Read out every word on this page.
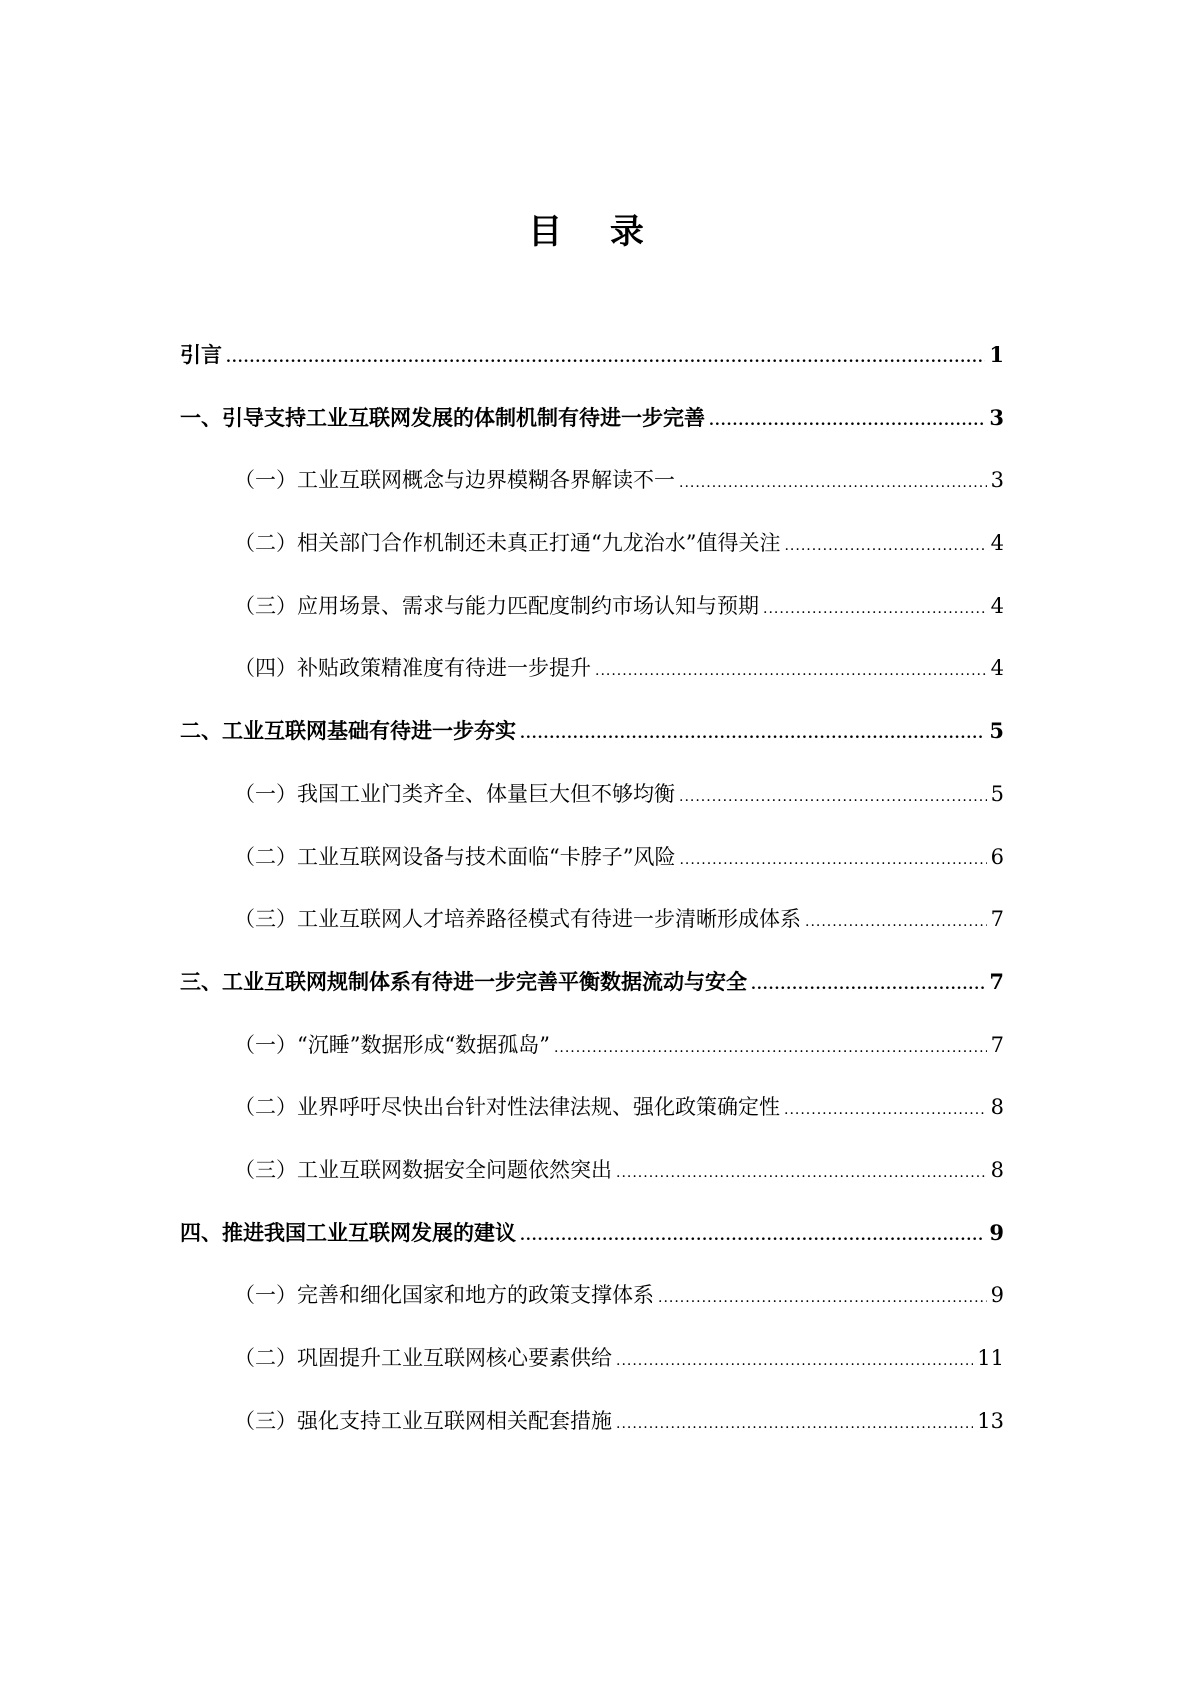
目 录
引言 .....	1
一、引导支持工业互联网发展的体制机制有待进一步完善 .....	3
（一）工业互联网概念与边界模糊各界解读不一 .....	3
（二）相关部门合作机制还未真正打通“九龙治水”值得关注 .....	4
（三）应用场景、需求与能力匹配度制约市场认知与预期 .....	4
（四）补贴政策精准度有待进一步提升 .....	4
二、工业互联网基础有待进一步夯实 .....	5
（一）我国工业门类齐全、体量巨大但不够均衡 .....	5
（二）工业互联网设备与技术面临“卡脖子”风险 .....	6
（三）工业互联网人才培养路径模式有待进一步清晰形成体系 .....	7
三、工业互联网规制体系有待进一步完善平衡数据流动与安全 .....	7
（一）“沉睡”数据形成“数据孤岛” .....	7
（二）业界呼吁尽快出台针对性法律法规、强化政策确定性 .....	8
（三）工业互联网数据安全问题依然突出 .....	8
四、推进我国工业互联网发展的建议 .....	9
（一）完善和细化国家和地方的政策支撑体系 .....	9
（二）巩固提升工业互联网核心要素供给 .....	11
（三）强化支持工业互联网相关配套措施 .....	13
